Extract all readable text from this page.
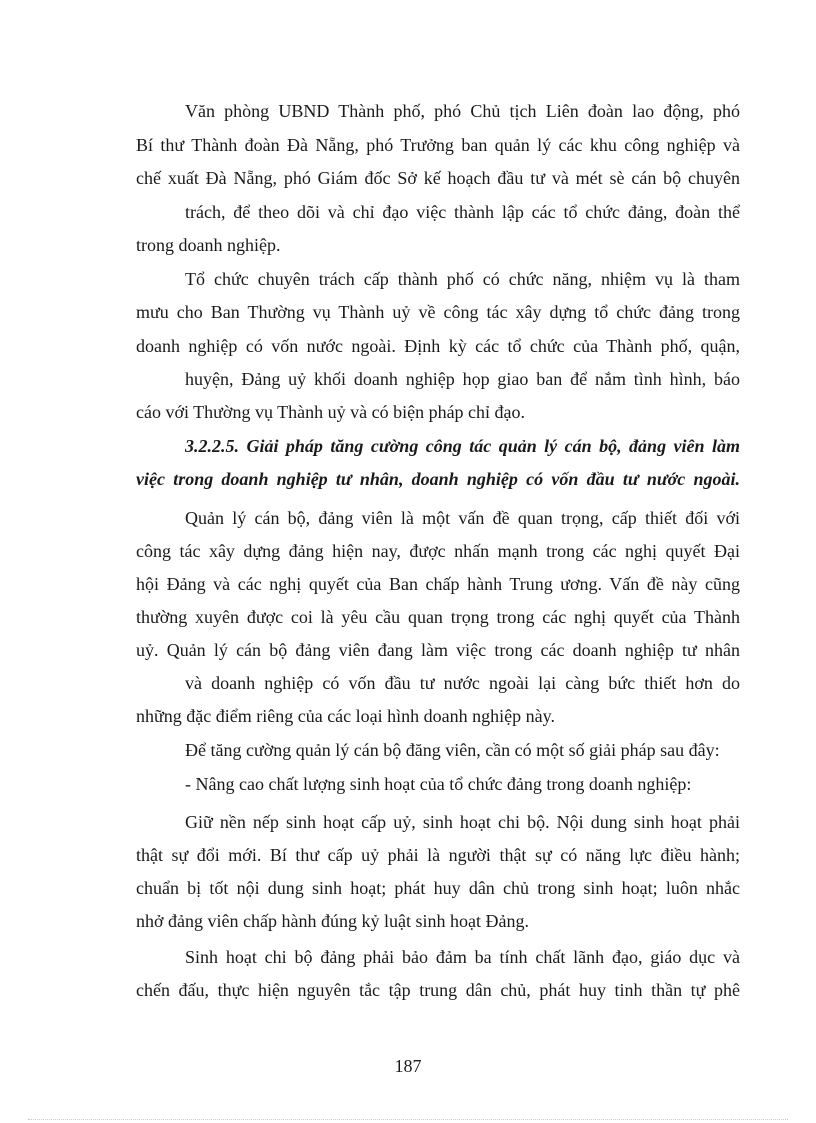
Văn phòng UBND Thành phố, phó Chủ tịch Liên đoàn lao động, phó
Bí thư Thành đoàn Đà Nẵng, phó Trưởng ban quản lý các khu công nghiệp và
chế xuất Đà Nẵng, phó Giám đốc Sở kế hoạch đầu tư và mét sè cán bộ chuyên
trách, để theo dõi và chỉ đạo việc thành lập các tổ chức đảng, đoàn thể
trong doanh nghiệp.
Tổ chức chuyên trách cấp thành phố có chức năng, nhiệm vụ là tham
mưu cho Ban Thường vụ Thành uỷ về công tác xây dựng tổ chức đảng trong
doanh nghiệp có vốn nước ngoài. Định kỳ các tổ chức của Thành phố, quận,
huyện, Đảng uỷ khối doanh nghiệp họp giao ban để nắm tình hình, báo
cáo với Thường vụ Thành uỷ và có biện pháp chỉ đạo.
3.2.2.5. Giải pháp tăng cường công tác quản lý cán bộ, đảng viên làm
việc trong doanh nghiệp tư nhân, doanh nghiệp có vốn đầu tư nước ngoài.
Quản lý cán bộ, đảng viên là một vấn đề quan trọng, cấp thiết đối với
công tác xây dựng đảng hiện nay, được nhấn mạnh trong các nghị quyết Đại
hội Đảng và các nghị quyết của Ban chấp hành Trung ương. Vấn đề này cũng
thường xuyên được coi là yêu cầu quan trọng trong các nghị quyết của Thành
uỷ. Quản lý cán bộ đảng viên đang làm việc trong các doanh nghiệp tư nhân
và doanh nghiệp có vốn đầu tư nước ngoài lại càng bức thiết hơn do
những đặc điểm riêng của các loại hình doanh nghiệp này.
Để tăng cường quản lý cán bộ đăng viên, cần có một số giải pháp sau đây:
- Nâng cao chất lượng sinh hoạt của tổ chức đảng trong doanh nghiệp:
Giữ nền nếp sinh hoạt cấp uỷ, sinh hoạt chi bộ. Nội dung sinh hoạt phải
thật sự đổi mới. Bí thư cấp uỷ phải là người thật sự có năng lực điều hành;
chuẩn bị tốt nội dung sinh hoạt; phát huy dân chủ trong sinh hoạt; luôn nhắc
nhở đảng viên chấp hành đúng kỷ luật sinh hoạt Đảng.
Sinh hoạt chi bộ đảng phải bảo đảm ba tính chất lãnh đạo, giáo dục và
chến đấu, thực hiện nguyên tắc tập trung dân chủ, phát huy tinh thần tự phê
187
